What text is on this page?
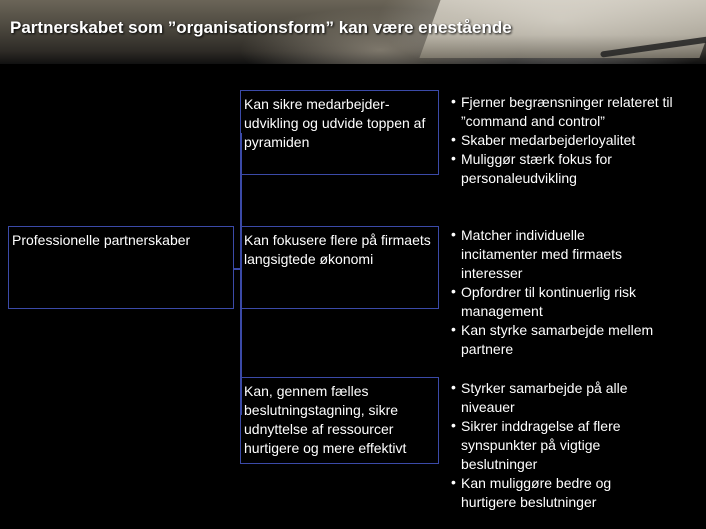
Partnerskabet som ”organisationsform” kan være enestående
Professionelle partnerskaber
Kan sikre medarbejder-udvikling og udvide toppen af pyramiden
Kan fokusere flere på firmaets langsigtede økonomi
Kan, gennem fælles beslutningstagning, sikre udnyttelse af ressourcer hurtigere og mere effektivt
• Fjerner begrænsninger relateret til ”command and control”
• Skaber medarbejderloyalitet
• Muliggør stærk fokus for personaleudvikling
• Matcher individuelle incitamenter med firmaets interesser
• Opfordrer til kontinuerlig risk management
• Kan styrke samarbejde mellem partnere
• Styrker samarbejde på alle niveauer
• Sikrer inddragelse af flere synspunkter på vigtige beslutninger
• Kan muliggøre bedre og hurtigere beslutninger
